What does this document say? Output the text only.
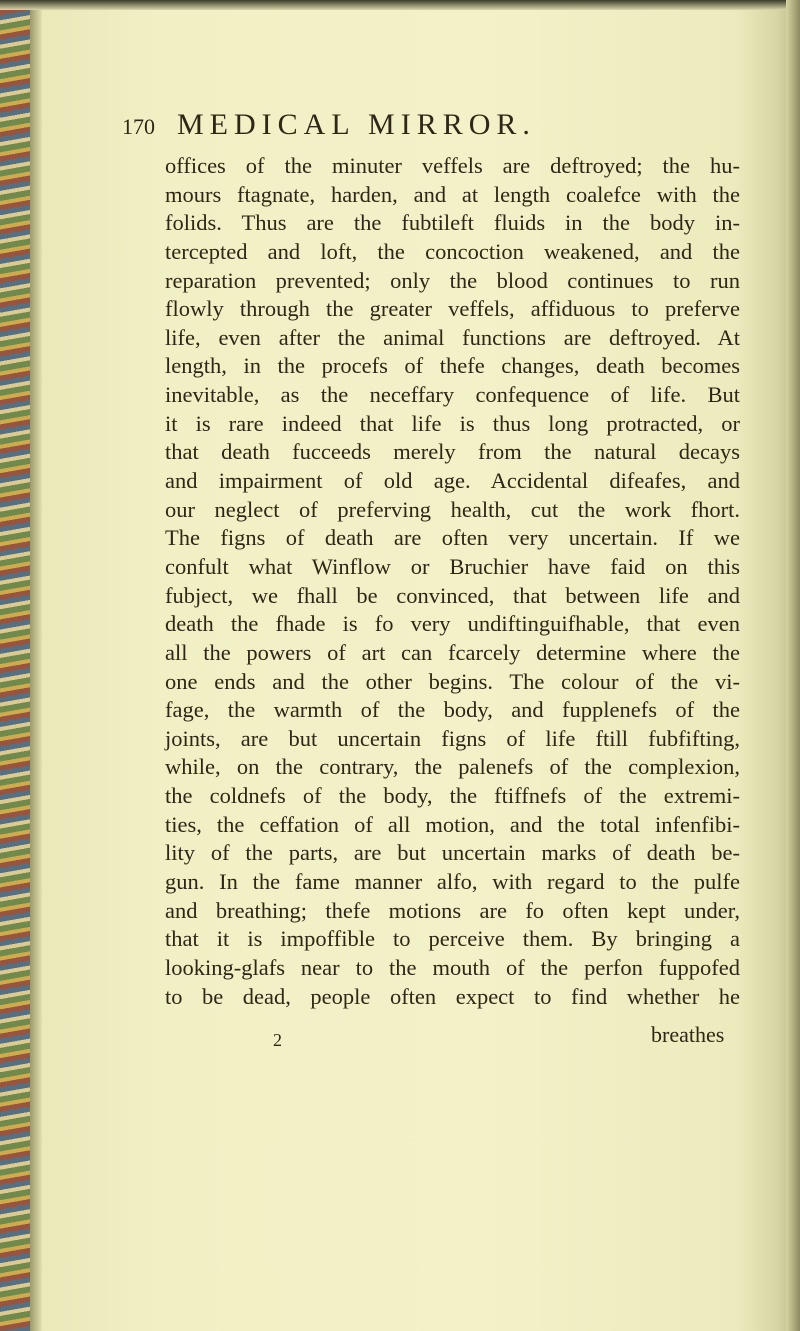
170 MEDICAL MIRROR.
offices of the minuter veffels are deftroyed; the hu-
mours ftagnate, harden, and at length coalefce with the
folids. Thus are the fubtileft fluids in the body in-
tercepted and loft, the concoction weakened, and the
reparation prevented; only the blood continues to run
flowly through the greater veffels, affiduous to preferve
life, even after the animal functions are deftroyed. At
length, in the procefs of thefe changes, death becomes
inevitable, as the neceffary confequence of life. But
it is rare indeed that life is thus long protracted, or
that death fucceeds merely from the natural decays
and impairment of old age. Accidental difeafes, and
our neglect of preferving health, cut the work fhort.
The figns of death are often very uncertain. If we
confult what Winflow or Bruchier have faid on this
fubject, we fhall be convinced, that between life and
death the fhade is fo very undiftinguifhable, that even
all the powers of art can fcarcely determine where the
one ends and the other begins. The colour of the vi-
fage, the warmth of the body, and fupplenefs of the
joints, are but uncertain figns of life ftill fubfifting,
while, on the contrary, the palenefs of the complexion,
the coldnefs of the body, the ftiffnefs of the extremi-
ties, the ceffation of all motion, and the total infenfibi-
lity of the parts, are but uncertain marks of death be-
gun. In the fame manner alfo, with regard to the pulfe
and breathing; thefe motions are fo often kept under,
that it is impoffible to perceive them. By bringing a
looking-glafs near to the mouth of the perfon fuppofed
to be dead, people often expect to find whether he
2	breathes
